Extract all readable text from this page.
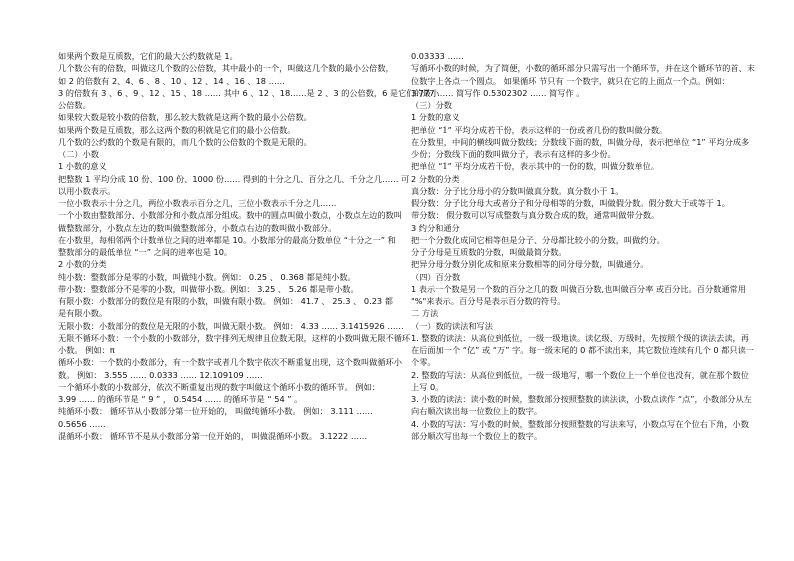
如果两个数是互质数，它们的最大公约数就是 1。
几个数公有的倍数，叫做这几个数的公倍数，其中最小的一个，叫做这几个数的最小公倍数，
如 2 的倍数有 2、4、6 、8 、10 、12 、14 、16 、18 ……
3 的倍数有 3 、6 、9 、12 、15 、18 …… 其中 6 、12 、18……是 2 、3 的公倍数，6 是它们的最小
公倍数。
如果较大数是较小数的倍数，那么较大数就是这两个数的最小公倍数。
如果两个数是互质数，那么这两个数的积就是它们的最小公倍数。
几个数的公约数的个数是有限的，而几个数的公倍数的个数是无限的。
（二）小数
1 小数的意义
把整数 1 平均分成 10 份、100 份、1000 份…… 得到的十分之几、百分之几、千分之几…… 可
以用小数表示。
一位小数表示十分之几，两位小数表示百分之几，三位小数表示千分之几……
一个小数由整数部分、小数部分和小数点部分组成。数中的圆点叫做小数点，小数点左边的数叫
做整数部分，小数点左边的数叫做整数部分，小数点右边的数叫做小数部分。
在小数里，每相邻两个计数单位之间的进率都是 10。小数部分的最高分数单位 “十分之一” 和
整数部分的最低单位 “一” 之间的进率也是 10。
2 小数的分类
纯小数：整数部分是零的小数，叫做纯小数。例如： 0.25 、 0.368 都是纯小数。
带小数：整数部分不是零的小数，叫做带小数。例如： 3.25 、 5.26 都是带小数。
有限小数：小数部分的数位是有限的小数，叫做有限小数。 例如： 41.7 、 25.3 、 0.23 都
是有限小数。
无限小数：小数部分的数位是无限的小数，叫做无限小数。 例如： 4.33 …… 3.1415926 ……
无限不循环小数：一个小数的小数部分，数字排列无规律且位数无限，这样的小数叫做无限不循环
小数。 例如：π
循环小数：一个数的小数部分，有一个数字或者几个数字依次不断重复出现，这个数叫做循环小
数。 例如： 3.555 …… 0.0333 …… 12.109109 ……
一个循环小数的小数部分，依次不断重复出现的数字叫做这个循环小数的循环节。 例如：
3.99 …… 的循环节是 “ 9 ” ， 0.5454 …… 的循环节是 “ 54 ” 。
纯循环小数： 循环节从小数部分第一位开始的， 叫做纯循环小数。 例如： 3.111 ……
0.5656 ……
混循环小数： 循环节不是从小数部分第一位开始的， 叫做混循环小数。 3.1222 ……
0.03333 ……
写循环小数的时候，为了简便，小数的循环部分只需写出一个循环节，并在这个循环节的首、末
位数字上各点一个圆点。 如果循环 节只有 一个数字，就只在它的上面点一个点。例如：
3.777 …… 简写作 0.5302302 …… 简写作 。
（三）分数
1 分数的意义
把单位 “1” 平均分成若干份，表示这样的一份或者几份的数叫做分数。
在分数里，中间的横线叫做分数线；分数线下面的数，叫做分母，表示把单位 “1” 平均分成多
少份；分数线下面的数叫做分子，表示有这样的多少份。
把单位 “1” 平均分成若干份，表示其中的一份的数，叫做分数单位。
2 分数的分类
真分数：分子比分母小的分数叫做真分数。真分数小于 1。
假分数：分子比分母大或者分子和分母相等的分数，叫做假分数。假分数大于或等于 1。
带分数： 假分数可以写成整数与真分数合成的数，通常叫做带分数。
3 约分和通分
把一个分数化成同它相等但是分子、分母都比较小的分数，叫做约分。
分子分母是互质数的分数，叫做最简分数。
把异分母分数分别化成和原来分数相等的同分母分数，叫做通分。
（四）百分数
1 表示一个数是另一个数的百分之几的数 叫做百分数,也叫做百分率 或百分比。百分数通常用
"%"来表示。百分号是表示百分数的符号。
二 方法
（一）数的读法和写法
1. 整数的读法：从高位到低位，一级一级地读。读亿级、万级时，先按照个级的读法去读，再
在后面加一个 “亿” 或 “万” 字。每一级末尾的 0 都不读出来，其它数位连续有几个 0 都只读一
个零。
2. 整数的写法：从高位到低位，一级一级地写，哪一个数位上一个单位也没有，就在那个数位
上写 0。
3. 小数的读法：读小数的时候，整数部分按照整数的读法读，小数点读作 “点”，小数部分从左
向右顺次读出每一位数位上的数字。
4. 小数的写法：写小数的时候，整数部分按照整数的写法来写，小数点写在个位右下角，小数
部分顺次写出每一个数位上的数字。
